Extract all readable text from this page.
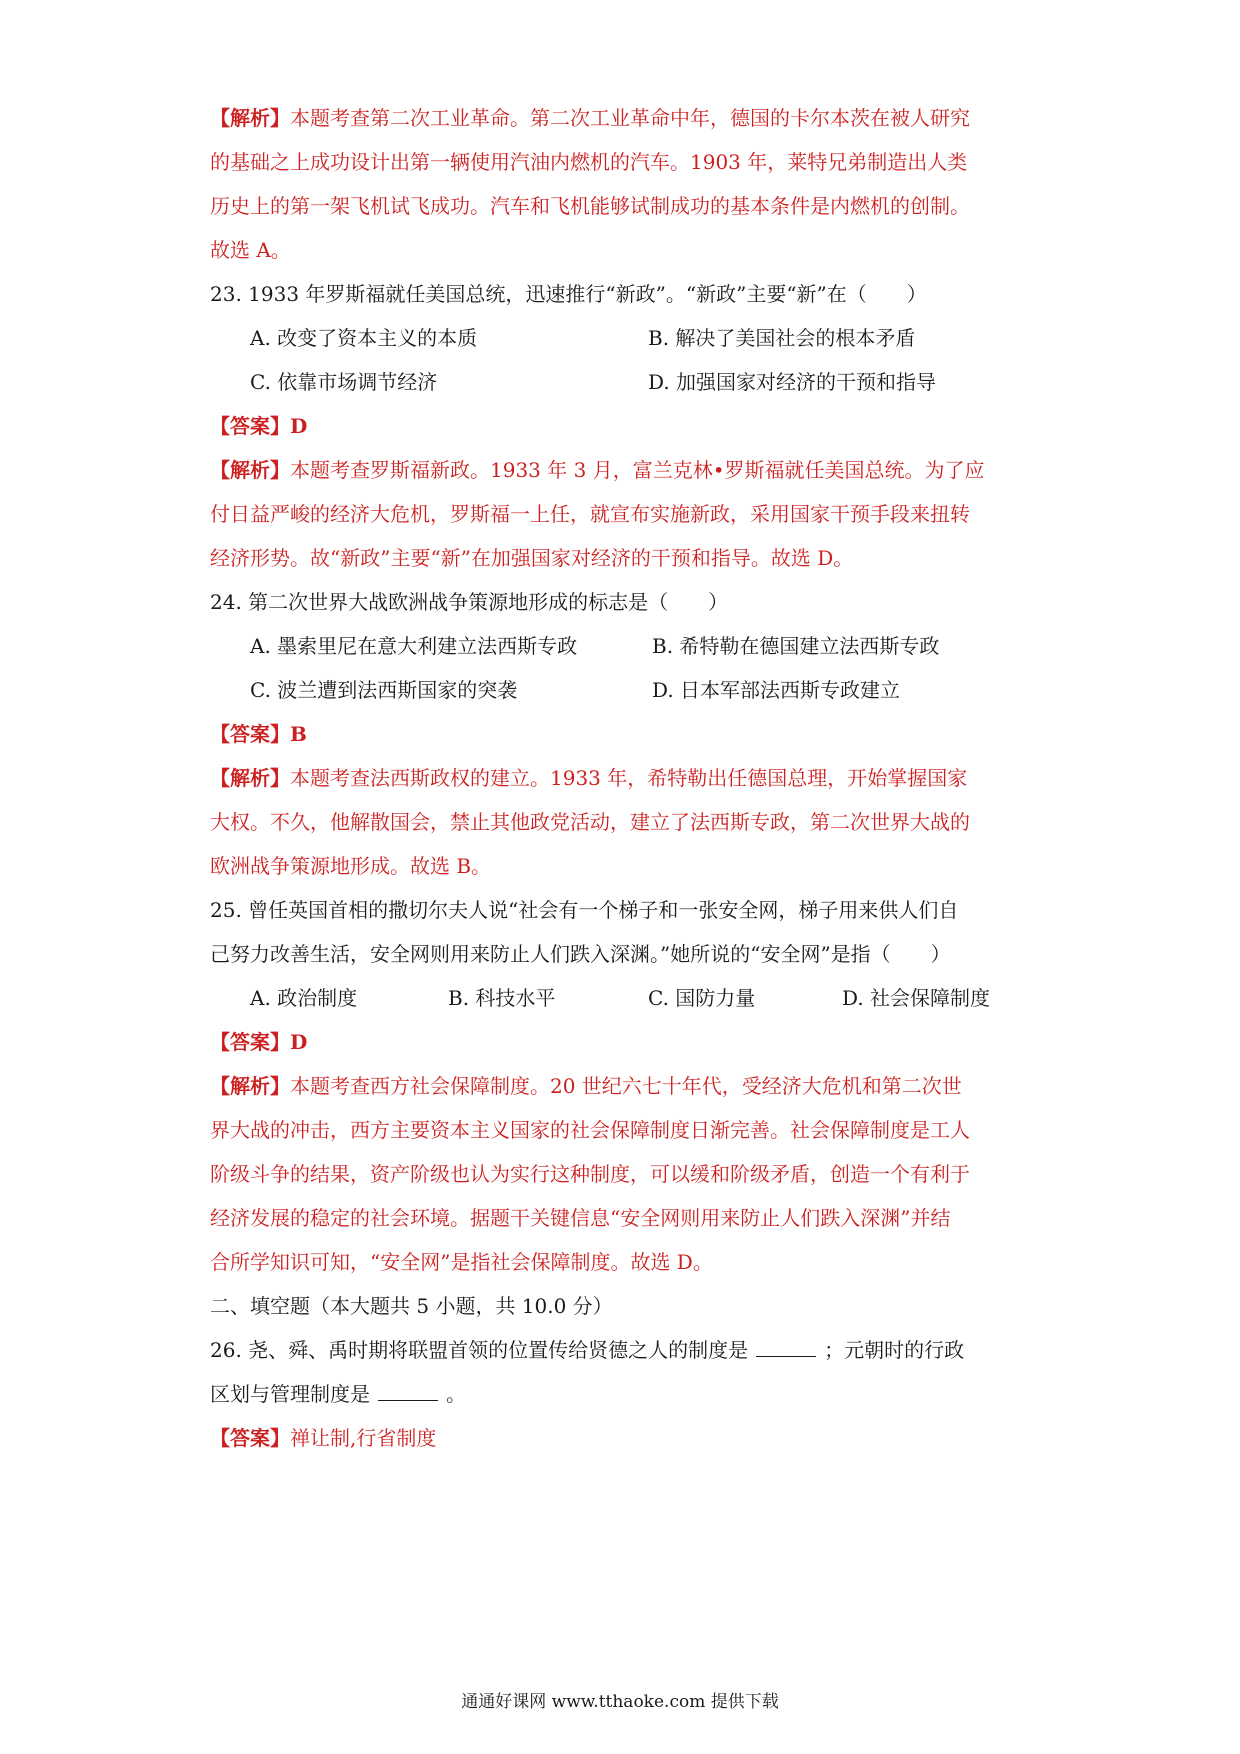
【解析】本题考查第二次工业革命。第二次工业革命中年，德国的卡尔本茨在被人研究
的基础之上成功设计出第一辆使用汽油内燃机的汽车。1903 年，莱特兄弟制造出人类
历史上的第一架飞机试飞成功。汽车和飞机能够试制成功的基本条件是内燃机的创制。
故选 A。
23. 1933 年罗斯福就任美国总统，迅速推行“新政”。“新政”主要“新”在（　　）
A. 改变了资本主义的本质	B. 解决了美国社会的根本矛盾
C. 依靠市场调节经济	D. 加强国家对经济的干预和指导
【答案】D
【解析】本题考查罗斯福新政。1933 年 3 月，富兰克林•罗斯福就任美国总统。为了应
付日益严峻的经济大危机，罗斯福一上任，就宣布实施新政，采用国家干预手段来扭转
经济形势。故“新政”主要“新”在加强国家对经济的干预和指导。故选 D。
24. 第二次世界大战欧洲战争策源地形成的标志是（　　）
A. 墨索里尼在意大利建立法西斯专政	B. 希特勒在德国建立法西斯专政
C. 波兰遭到法西斯国家的突袭	D. 日本军部法西斯专政建立
【答案】B
【解析】本题考查法西斯政权的建立。1933 年，希特勒出任德国总理，开始掌握国家
大权。不久，他解散国会，禁止其他政党活动，建立了法西斯专政，第二次世界大战的
欧洲战争策源地形成。故选 B。
25. 曾任英国首相的撒切尔夫人说“社会有一个梯子和一张安全网，梯子用来供人们自
己努力改善生活，安全网则用来防止人们跌入深渊。”她所说的“安全网”是指（　　）
A. 政治制度	B. 科技水平	C. 国防力量	D. 社会保障制度
【答案】D
【解析】本题考查西方社会保障制度。20 世纪六七十年代，受经济大危机和第二次世
界大战的冲击，西方主要资本主义国家的社会保障制度日渐完善。社会保障制度是工人
阶级斗争的结果，资产阶级也认为实行这种制度，可以缓和阶级矛盾，创造一个有利于
经济发展的稳定的社会环境。据题干关键信息“安全网则用来防止人们跌入深渊”并结
合所学知识可知，“安全网”是指社会保障制度。故选 D。
二、填空题（本大题共 5 小题，共 10.0 分）
26. 尧、舜、禹时期将联盟首领的位置传给贤德之人的制度是	；元朝时的行政
区划与管理制度是	。
【答案】禅让制,行省制度
通通好课网 www.tthaoke.com 提供下载
